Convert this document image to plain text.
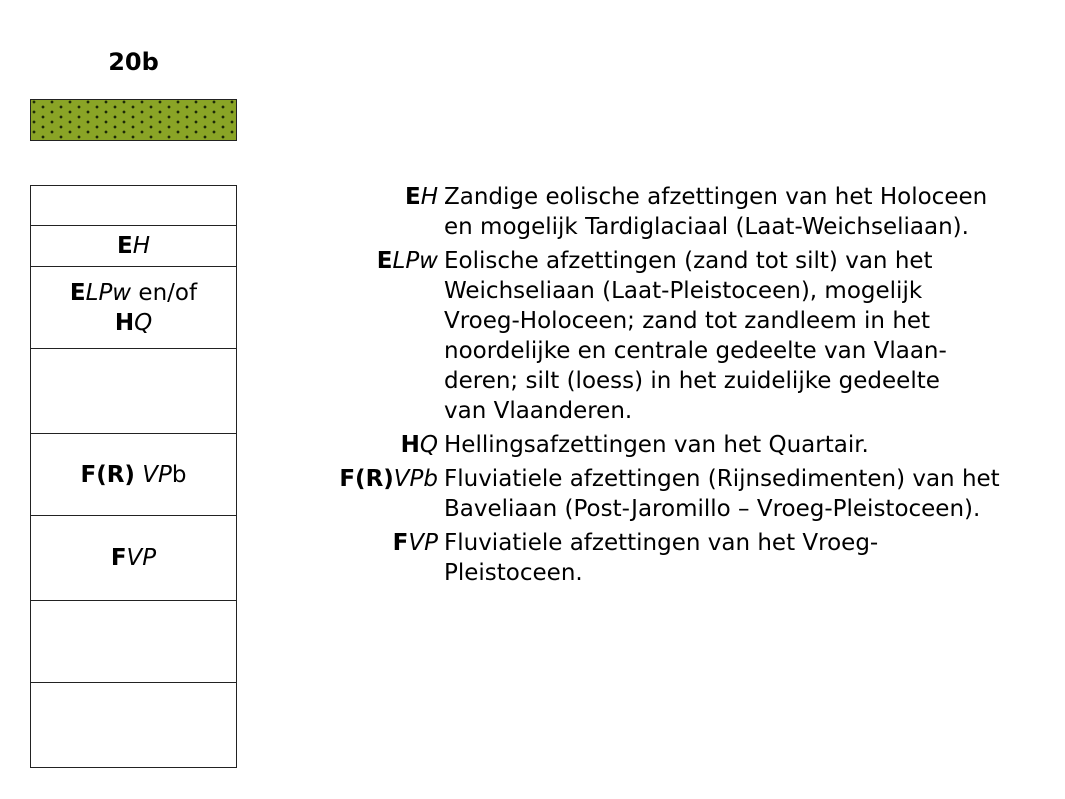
20b
EH
ELPw en/of
HQ
F(R) VPb
FVP
EH Zandige eolische afzettingen van het Holoceen
en mogelijk Tardiglaciaal (Laat-Weichseliaan).
ELPw Eolische afzettingen (zand tot silt) van het
Weichseliaan (Laat-Pleistoceen), mogelijk
Vroeg-Holoceen; zand tot zandleem in het
noordelijke en centrale gedeelte van Vlaan-
deren; silt (loess) in het zuidelijke gedeelte
van Vlaanderen.
HQ Hellingsafzettingen van het Quartair.
F(R)VPb Fluviatiele afzettingen (Rijnsedimenten) van het
Baveliaan (Post-Jaromillo – Vroeg-Pleistoceen).
FVP Fluviatiele afzettingen van het Vroeg-
Pleistoceen.
